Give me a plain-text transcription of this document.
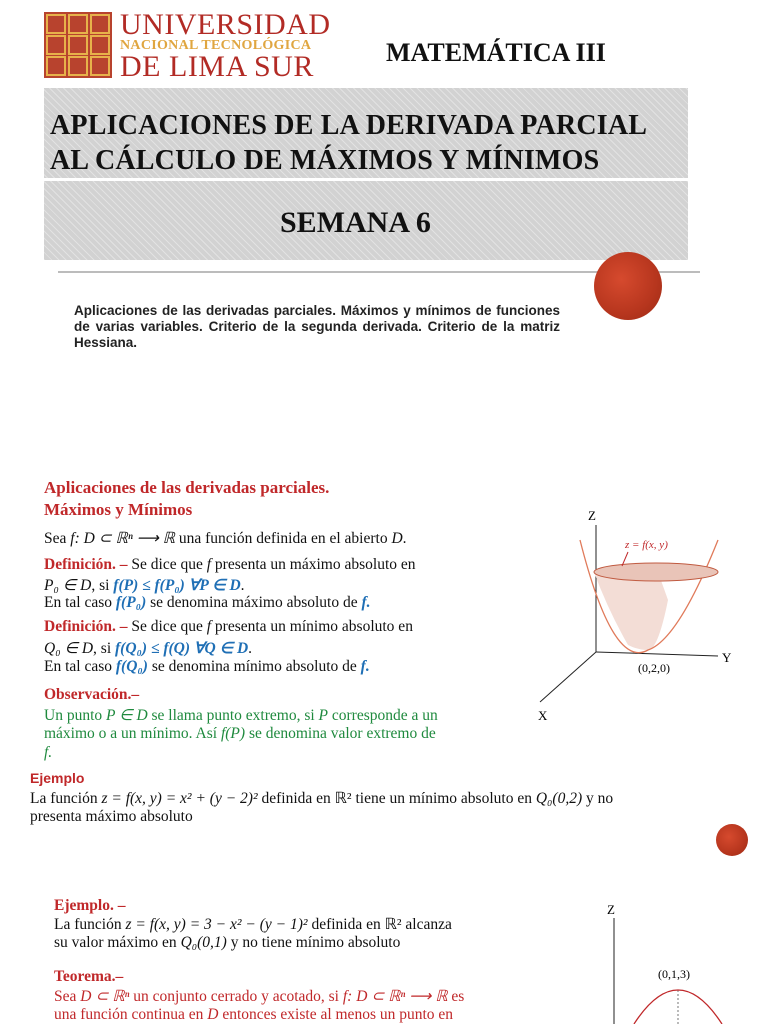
UNIVERSIDAD
NACIONAL TECNOLÓGICA
DE LIMA SUR	MATEMÁTICA III
APLICACIONES DE LA DERIVADA PARCIAL
AL CÁLCULO DE MÁXIMOS Y MÍNIMOS
SEMANA 6
Aplicaciones de las derivadas parciales. Máximos y mínimos de funciones de varias variables. Criterio de la segunda derivada. Criterio de la matriz Hessiana.
Aplicaciones de las derivadas parciales.
Máximos y Mínimos
Sea f: D ⊂ ℝⁿ ⟶ ℝ una función definida en el abierto D.
Definición. – Se dice que f presenta un máximo absoluto en
P₀ ∈ D, si f(P) ≤ f(P₀) ∀P ∈ D.
En tal caso f(P₀) se denomina máximo absoluto de f.
Definición. – Se dice que f presenta un mínimo absoluto en
Q₀ ∈ D, si f(Q₀) ≤ f(Q) ∀Q ∈ D.
En tal caso f(Q₀) se denomina mínimo absoluto de f.
Observación.–
Un punto P ∈ D se llama punto extremo, si P corresponde a un
máximo o a un mínimo. Así f(P) se denomina valor extremo de
f.
Ejemplo
La función z = f(x, y) = x² + (y − 2)² definida en ℝ² tiene un mínimo absoluto en Q₀(0,2) y no
presenta máximo absoluto
z = f(x, y)
Z
Y
X
(0,2,0)
Ejemplo. –
La función z = f(x, y) = 3 − x² − (y − 1)² definida en ℝ² alcanza
su valor máximo en Q₀(0,1) y no tiene mínimo absoluto
Teorema.–
Sea D ⊂ ℝⁿ un conjunto cerrado y acotado, si f: D ⊂ ℝⁿ ⟶ ℝ es
una función continua en D entonces existe al menos un punto en
Z
(0,1,3)
